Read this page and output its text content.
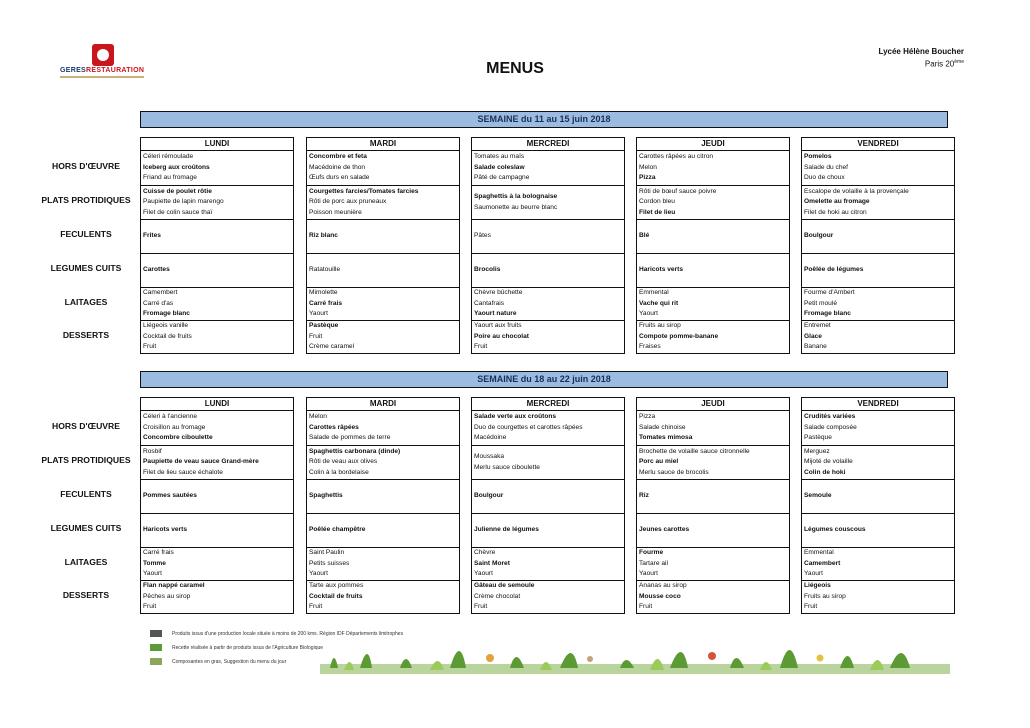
GERESRESTAURATION	MENUS
Lycée Hélène Boucher
Paris 20ème
SEMAINE du 11 au 15 juin 2018
LUNDI
Céleri rémoulade
Iceberg aux croûtons
Friand au fromage
Cuisse de poulet rôtie
Paupiette de lapin marengo
Filet de colin sauce thaï
Frites
Carottes
Camembert
Carré d'as
Fromage blanc
Liégeois vanille
Cocktail de fruits
Fruit
MARDI
Concombre et feta
Macédoine de thon
Œufs durs en salade
Courgettes farcies/Tomates farcies
Rôti de porc aux pruneaux
Poisson meunière
Riz blanc
Ratatouille
Mimolette
Carré frais
Yaourt
Pastèque
Fruit
Crème caramel
MERCREDI
Tomates au maïs
Salade coleslaw
Pâté de campagne
Spaghettis à la bolognaise
Saumonette au beurre blanc
Pâtes
Brocolis
Chèvre bûchette
Cantafrais
Yaourt nature
Yaourt aux fruits
Poire au chocolat
Fruit
JEUDI
Carottes râpées au citron
Melon
Pizza
Rôti de bœuf sauce poivre
Cordon bleu
Filet de lieu
Blé
Haricots verts
Emmental
Vache qui rit
Yaourt
Fruits au sirop
Compote pomme-banane
Fraises
VENDREDI
Pomelos
Salade du chef
Duo de choux
Escalope de volaille à la provençale
Omelette au fromage
Filet de hoki au citron
Boulgour
Poêlée de légumes
Fourme d'Ambert
Petit moulé
Fromage blanc
Entremet
Glace
Banane
SEMAINE du 18 au 22 juin 2018
LUNDI
Céleri à l'ancienne
Croisillon au fromage
Concombre ciboulette
Rosbif
Paupiette de veau sauce Grand-mère
Filet de lieu sauce échalote
Pommes sautées
Haricots verts
Carré frais
Tomme
Yaourt
Flan nappé caramel
Pêches au sirop
Fruit
MARDI
Melon
Carottes râpées
Salade de pommes de terre
Spaghettis carbonara (dinde)
Rôti de veau aux olives
Colin à la bordelaise
Spaghettis
Poêlée champêtre
Saint Paulin
Petits suisses
Yaourt
Tarte aux pommes
Cocktail de fruits
Fruit
MERCREDI
Salade verte aux croûtons
Duo de courgettes et carottes râpées
Macédoine
Moussaka
Merlu sauce ciboulette
Boulgour
Julienne de légumes
Chèvre
Saint Moret
Yaourt
Gâteau de semoule
Crème chocolat
Fruit
JEUDI
Pizza
Salade chinoise
Tomates mimosa
Brochette de volaille sauce citronnelle
Porc au miel
Merlu sauce de brocolis
Riz
Jeunes carottes
Fourme
Tartare ail
Yaourt
Ananas au sirop
Mousse coco
Fruit
VENDREDI
Crudités variées
Salade composée
Pastèque
Merguez
Mijoté de volaille
Colin de hoki
Semoule
Légumes couscous
Emmental
Camembert
Yaourt
Liégeois
Fruits au sirop
Fruit
Produits issus d'une production locale située à moins de 200 kms. Région IDF Départements limitrophes
Recette réalisée à partir de produits issus de l'Agriculture Biologique
Composantes en gras, Suggestion du menu du jour
HORS D'ŒUVRE
PLATS PROTIDIQUES
FECULENTS
LEGUMES CUITS
LAITAGES
DESSERTS
HORS D'ŒUVRE
PLATS PROTIDIQUES
FECULENTS
LEGUMES CUITS
LAITAGES
DESSERTS
